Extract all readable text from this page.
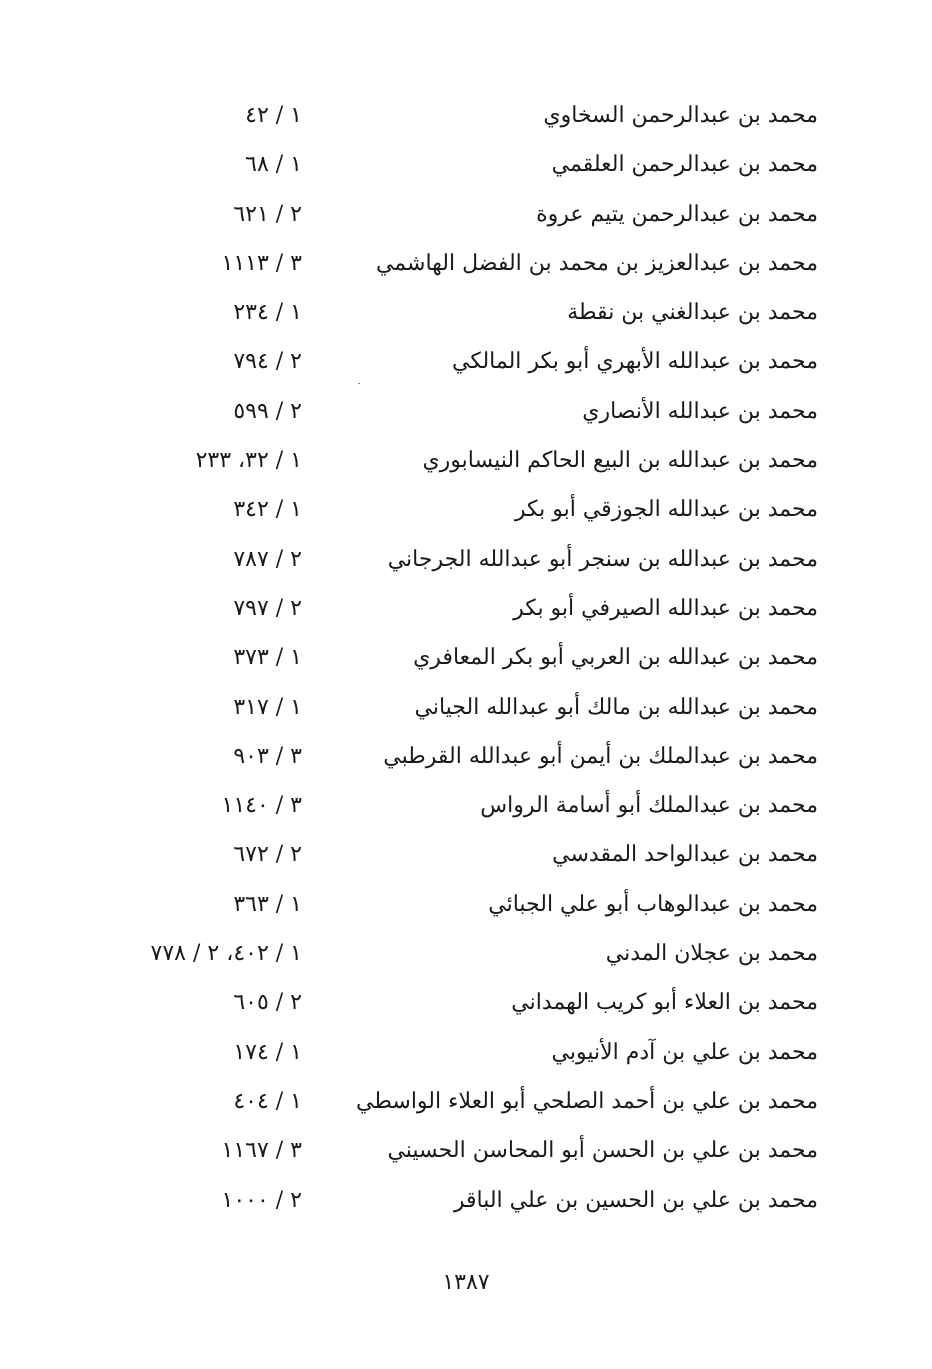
محمد بن عبدالرحمن السخاوي
١ / ٤٢
محمد بن عبدالرحمن العلقمي
١ / ٦٨
محمد بن عبدالرحمن يتيم عروة
٢ / ٦٢١
محمد بن عبدالعزيز بن محمد بن الفضل الهاشمي
٣ / ١١١٣
محمد بن عبدالغني بن نقطة
١ / ٢٣٤
محمد بن عبدالله الأبهري أبو بكر المالكي
٢ / ٧٩٤
محمد بن عبدالله الأنصاري
٢ / ٥٩٩
محمد بن عبدالله بن البيع الحاكم النيسابوري
١ / ٣٢، ٢٣٣
محمد بن عبدالله الجوزقي أبو بكر
١ / ٣٤٢
محمد بن عبدالله بن سنجر أبو عبدالله الجرجاني
٢ / ٧٨٧
محمد بن عبدالله الصيرفي أبو بكر
٢ / ٧٩٧
محمد بن عبدالله بن العربي أبو بكر المعافري
١ / ٣٧٣
محمد بن عبدالله بن مالك أبو عبدالله الجياني
١ / ٣١٧
محمد بن عبدالملك بن أيمن أبو عبدالله القرطبي
٣ / ٩٠٣
محمد بن عبدالملك أبو أسامة الرواس
٣ / ١١٤٠
محمد بن عبدالواحد المقدسي
٢ / ٦٧٢
محمد بن عبدالوهاب أبو علي الجبائي
١ / ٣٦٣
محمد بن عجلان المدني
١ / ٤٠٢، ٢ / ٧٧٨
محمد بن العلاء أبو كريب الهمداني
٢ / ٦٠٥
محمد بن علي بن آدم الأنيوبي
١ / ١٧٤
محمد بن علي بن أحمد الصلحي أبو العلاء الواسطي
١ / ٤٠٤
محمد بن علي بن الحسن أبو المحاسن الحسيني
٣ / ١١٦٧
محمد بن علي بن الحسين بن علي الباقر
٢ / ١٠٠٠
١٣٨٧
